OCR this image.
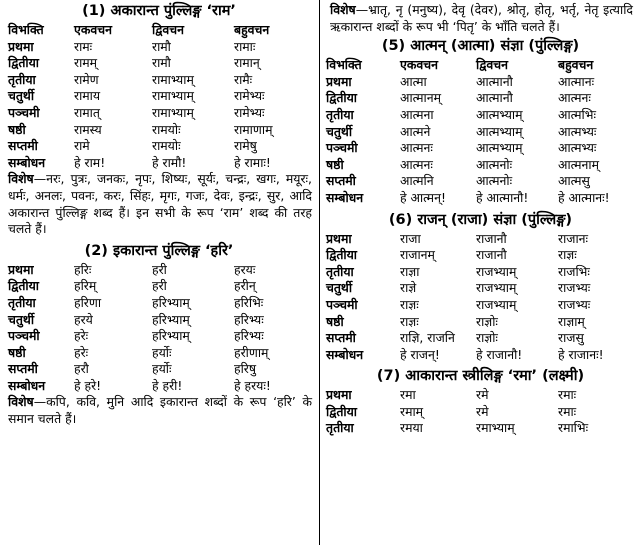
(1) अकारान्त पुंल्लिङ्ग ‘राम’
विभक्ति	एकवचन	द्विवचन	बहुवचन
प्रथमा	रामः	रामौ	रामाः
द्वितीया	रामम्	रामौ	रामान्
तृतीया	रामेण	रामाभ्याम्	रामैः
चतुर्थी	रामाय	रामाभ्याम्	रामेभ्यः
पञ्चमी	रामात्	रामाभ्याम्	रामेभ्यः
षष्ठी	रामस्य	रामयोः	रामाणाम्
सप्तमी	रामे	रामयोः	रामेषु
सम्बोधन	हे राम!	हे रामौ!	हे रामाः!
विशेष—नरः, पुत्रः, जनकः, नृपः, शिष्यः, सूर्यः, चन्द्रः, खगः, मयूरः, धर्मः, अनलः, पवनः, करः, सिंहः, मृगः, गजः, देवः, इन्द्रः, सुर, आदि अकारान्त पुंल्लिङ्ग शब्द हैं। इन सभी के रूप ‘राम’ शब्द की तरह चलते हैं।
(2) इकारान्त पुंल्लिङ्ग ‘हरि’
प्रथमा	हरिः	हरी	हरयः
द्वितीया	हरिम्	हरी	हरीन्
तृतीया	हरिणा	हरिभ्याम्	हरिभिः
चतुर्थी	हरये	हरिभ्याम्	हरिभ्यः
पञ्चमी	हरेः	हरिभ्याम्	हरिभ्यः
षष्ठी	हरेः	हर्योः	हरीणाम्
सप्तमी	हरौ	हर्योः	हरिषु
सम्बोधन	हे हरे!	हे हरी!	हे हरयः!
विशेष—कपि, कवि, मुनि आदि इकारान्त शब्दों के रूप ‘हरि’ के समान चलते हैं।
विशेष—भ्रातृ, नृ (मनुष्य), देवृ (देवर), श्रोतृ, होतृ, भर्तृ, नेतृ इत्यादि ऋकारान्त शब्दों के रूप भी ‘पितृ’ के भाँति चलते हैं।
(5) आत्मन् (आत्मा) संज्ञा (पुंल्लिङ्ग)
विभक्ति	एकवचन	द्विवचन	बहुवचन
प्रथमा	आत्मा	आत्मानौ	आत्मानः
द्वितीया	आत्मानम्	आत्मानौ	आत्मनः
तृतीया	आत्मना	आत्मभ्याम्	आत्मभिः
चतुर्थी	आत्मने	आत्मभ्याम्	आत्मभ्यः
पञ्चमी	आत्मनः	आत्मभ्याम्	आत्मभ्यः
षष्ठी	आत्मनः	आत्मनोः	आत्मनाम्
सप्तमी	आत्मनि	आत्मनोः	आत्मसु
सम्बोधन	हे आत्मन्!	हे आत्मानौ!	हे आत्मानः!
(6) राजन् (राजा) संज्ञा (पुंल्लिङ्ग)
प्रथमा	राजा	राजानौ	राजानः
द्वितीया	राजानम्	राजानौ	राज्ञः
तृतीया	राज्ञा	राजभ्याम्	राजभिः
चतुर्थी	राज्ञे	राजभ्याम्	राजभ्यः
पञ्चमी	राज्ञः	राजभ्याम्	राजभ्यः
षष्ठी	राज्ञः	राज्ञोः	राज्ञाम्
सप्तमी	राज्ञि, राजनि	राज्ञोः	राजसु
सम्बोधन	हे राजन्!	हे राजानौ!	हे राजानः!
(7) आकारान्त स्त्रीलिङ्ग ‘रमा’ (लक्ष्मी)
प्रथमा	रमा	रमे	रमाः
द्वितीया	रमाम्	रमे	रमाः
तृतीया	रमया	रमाभ्याम्	रमाभिः
